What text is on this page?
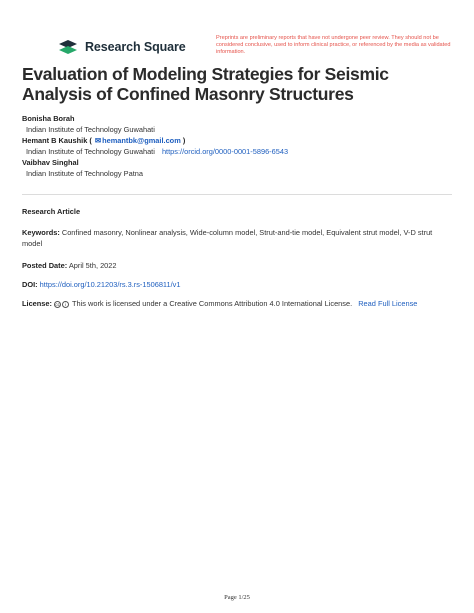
Research Square
Preprints are preliminary reports that have not undergone peer review. They should not be considered conclusive, used to inform clinical practice, or referenced by the media as validated information.
Evaluation of Modeling Strategies for Seismic Analysis of Confined Masonry Structures
Bonisha Borah
Indian Institute of Technology Guwahati
Hemant B Kaushik ( ✉hemantbk@gmail.com )
Indian Institute of Technology Guwahati https://orcid.org/0000-0001-5896-6543
Vaibhav Singhal
Indian Institute of Technology Patna
Research Article
Keywords: Confined masonry, Nonlinear analysis, Wide-column model, Strut-and-tie model, Equivalent strut model, V-D strut model
Posted Date: April 5th, 2022
DOI: https://doi.org/10.21203/rs.3.rs-1506811/v1
License: cc i This work is licensed under a Creative Commons Attribution 4.0 International License. Read Full License
Page 1/25
